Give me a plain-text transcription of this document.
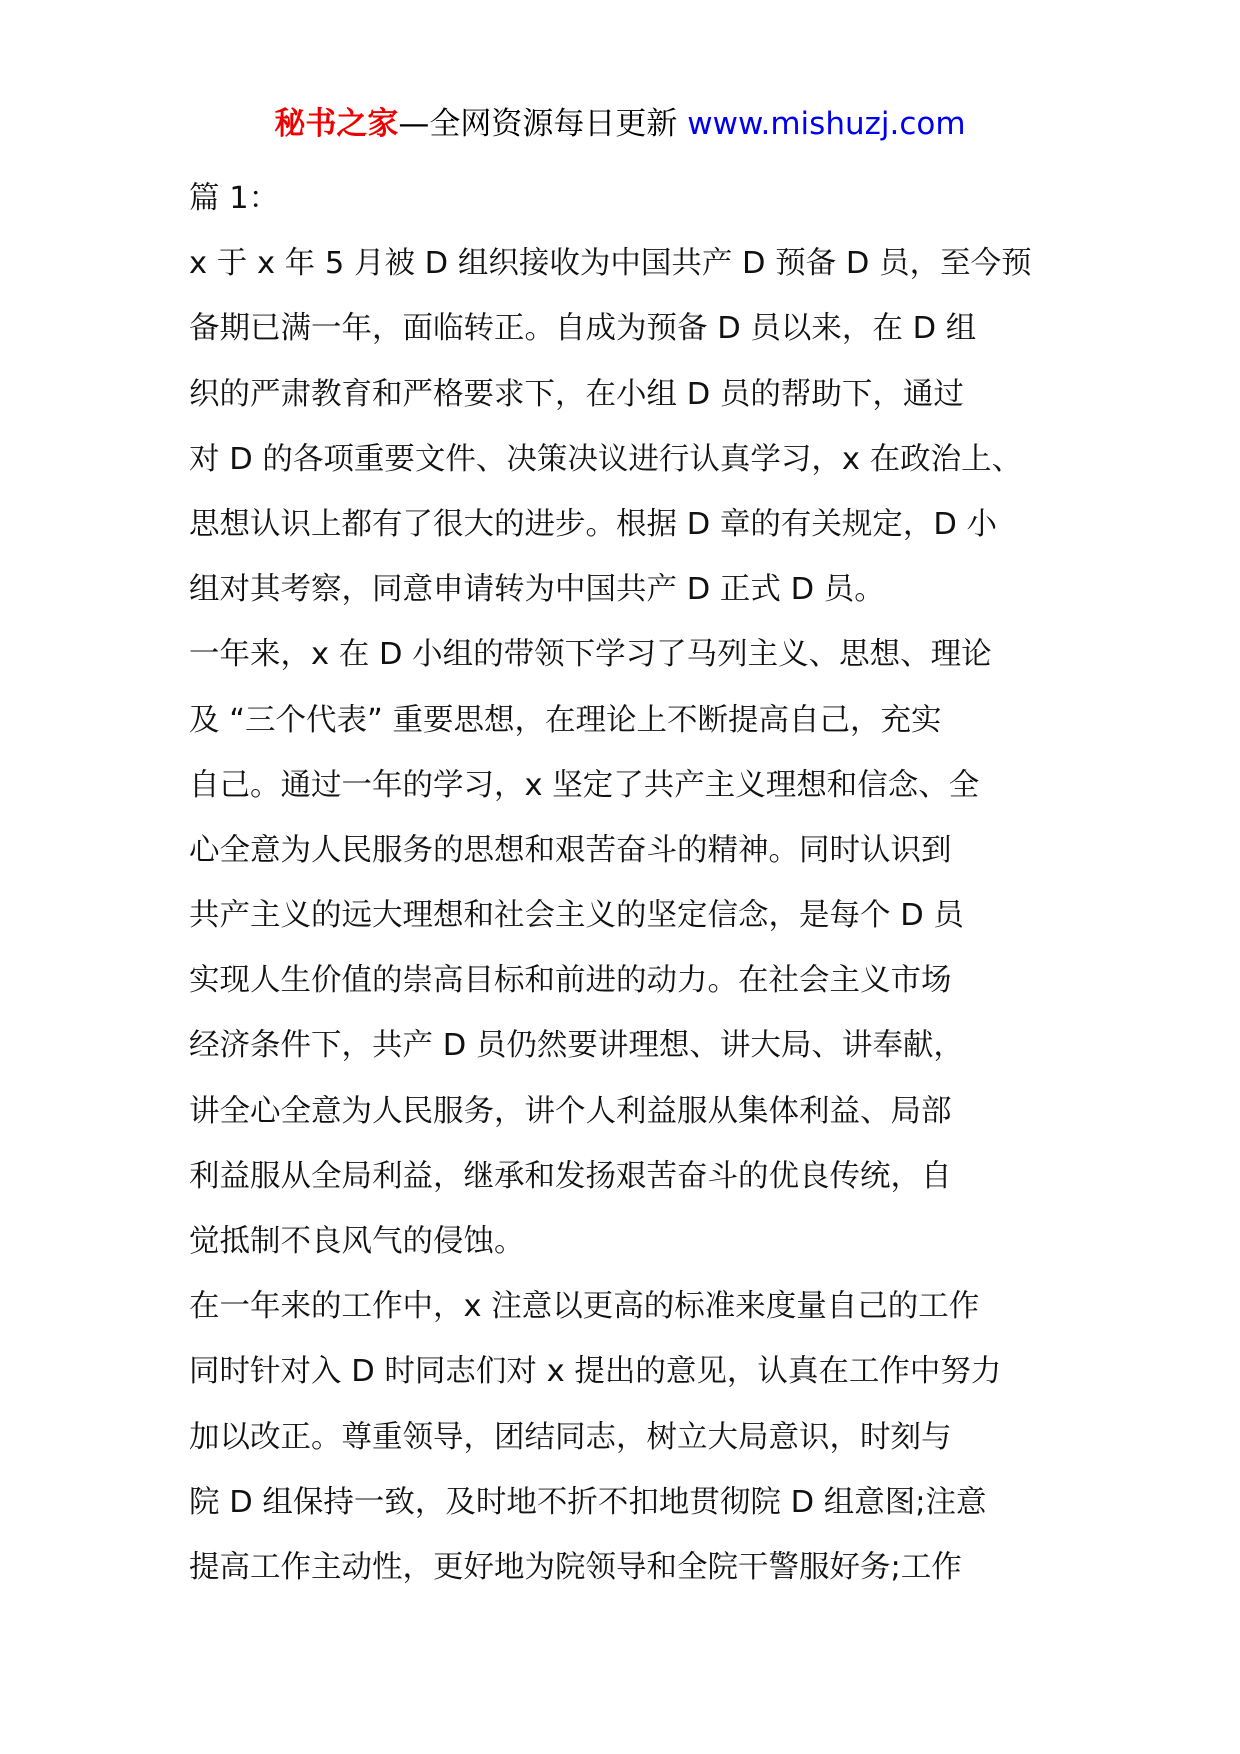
秘书之家—全网资源每日更新 www.mishuzj.com
篇 1：
x 于 x 年 5 月被 D 组织接收为中国共产 D 预备 D 员，至今预
备期已满一年，面临转正。自成为预备 D 员以来，在 D 组
织的严肃教育和严格要求下，在小组 D 员的帮助下，通过
对 D 的各项重要文件、决策决议进行认真学习，x 在政治上、
思想认识上都有了很大的进步。根据 D 章的有关规定，D 小
组对其考察，同意申请转为中国共产 D 正式 D 员。
一年来，x 在 D 小组的带领下学习了马列主义、思想、理论
及 “三个代表” 重要思想，在理论上不断提高自己，充实
自己。通过一年的学习，x 坚定了共产主义理想和信念、全
心全意为人民服务的思想和艰苦奋斗的精神。同时认识到
共产主义的远大理想和社会主义的坚定信念，是每个 D 员
实现人生价值的崇高目标和前进的动力。在社会主义市场
经济条件下，共产 D 员仍然要讲理想、讲大局、讲奉献，
讲全心全意为人民服务，讲个人利益服从集体利益、局部
利益服从全局利益，继承和发扬艰苦奋斗的优良传统，自
觉抵制不良风气的侵蚀。
在一年来的工作中，x 注意以更高的标准来度量自己的工作
同时针对入 D 时同志们对 x 提出的意见，认真在工作中努力
加以改正。尊重领导，团结同志，树立大局意识，时刻与
院 D 组保持一致，及时地不折不扣地贯彻院 D 组意图;注意
提高工作主动性，更好地为院领导和全院干警服好务;工作
